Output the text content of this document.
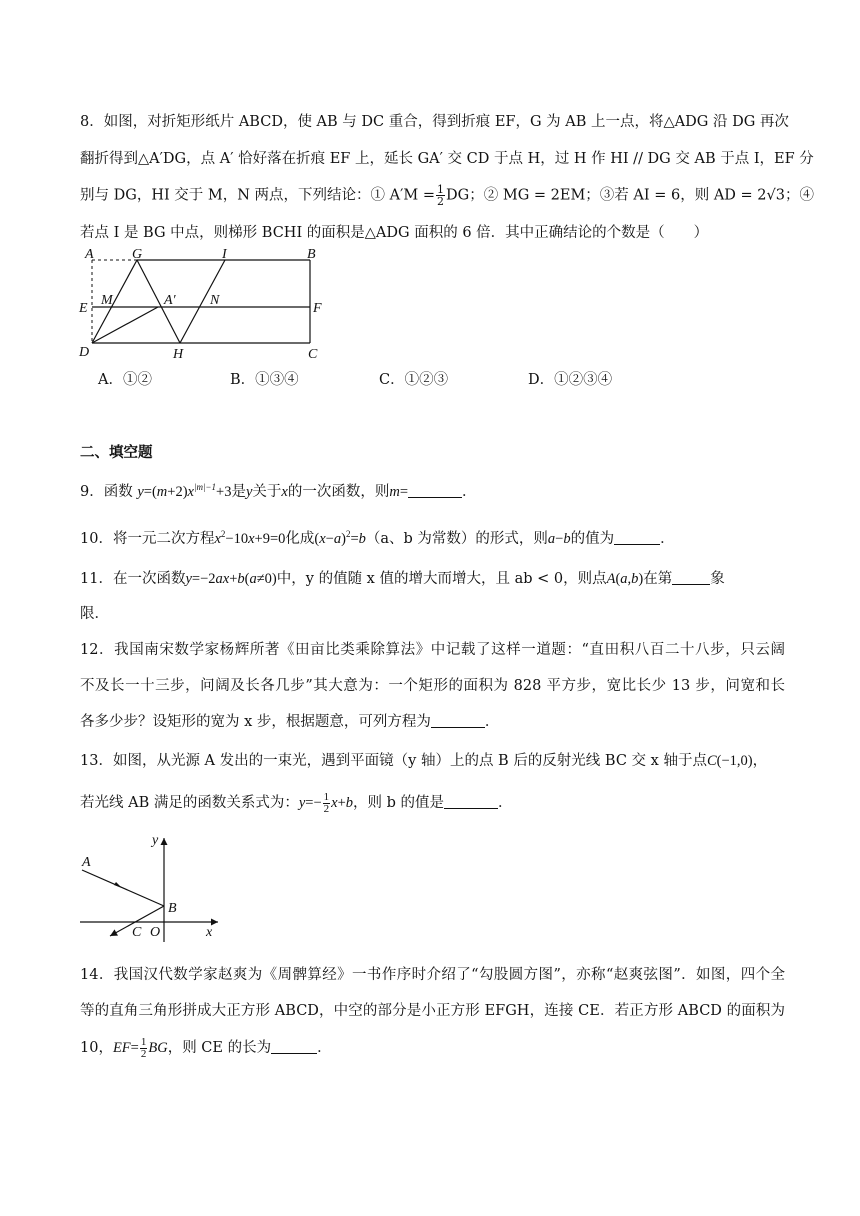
8．如图，对折矩形纸片 ABCD，使 AB 与 DC 重合，得到折痕 EF，G 为 AB 上一点，将△ADG 沿 DG 再次
翻折得到△A′DG，点 A′ 恰好落在折痕 EF 上，延长 GA′ 交 CD 于点 H，过 H 作 HI // DG 交 AB 于点 I，EF 分
别与 DG，HI 交于 M，N 两点，下列结论：① $A'M = \frac{1}{2}$ DG；② MG = 2EM；③若 AI = 6，则 AD = 2√3；④
若点 I 是 BG 中点，则梯形 BCHI 的面积是△ADG 面积的 6 倍．其中正确结论的个数是（　　）
A	G	I	B
E
M	A′ N
F
D	H	C
A．①②	B．①③④	C．①②③	D．①②③④
二、填空题
9．函数 $y=(m+2)x^{|m|-1}+3$是y关于x的一次函数，则m=	．
10．将一元二次方程$x^2-10x+9=0$化成$(x-a)^2=b(a$、b 为常数）的形式，则a−b的值为	．
11．在一次函数y=−2ax+b(a≠0)中，y 的值随 x 值的增大而增大，且 ab < 0，则点A(a,b)在第	象
限．
12．我国南宋数学家杨辉所著《田亩比类乘除算法》中记载了这样一道题：“直田积八百二十八步，只云阔
不及长一十三步，问阔及长各几步”其大意为：一个矩形的面积为 828 平方步，宽比长少 13 步，问宽和长
各多少步？设矩形的宽为 x 步，根据题意，可列方程为	．
13．如图，从光源 A 发出的一束光，遇到平面镜（y 轴）上的点 B 后的反射光线 BC 交 x 轴于点C(−1,0)，
若光线 AB 满足的函数关系式为：$y=- \frac{1}{2} x+b$，则 b 的值是	．
A
y
B
C O	x
14．我国汉代数学家赵爽为《周髀算经》一书作序时介绍了“勾股圆方图”，亦称“赵爽弦图”．如图，四个全
等的直角三角形拼成大正方形 ABCD，中空的部分是小正方形 EFGH，连接 CE．若正方形 ABCD 的面积为
10，$EF= \frac{1}{2}$ BG，则 CE 的长为	．
